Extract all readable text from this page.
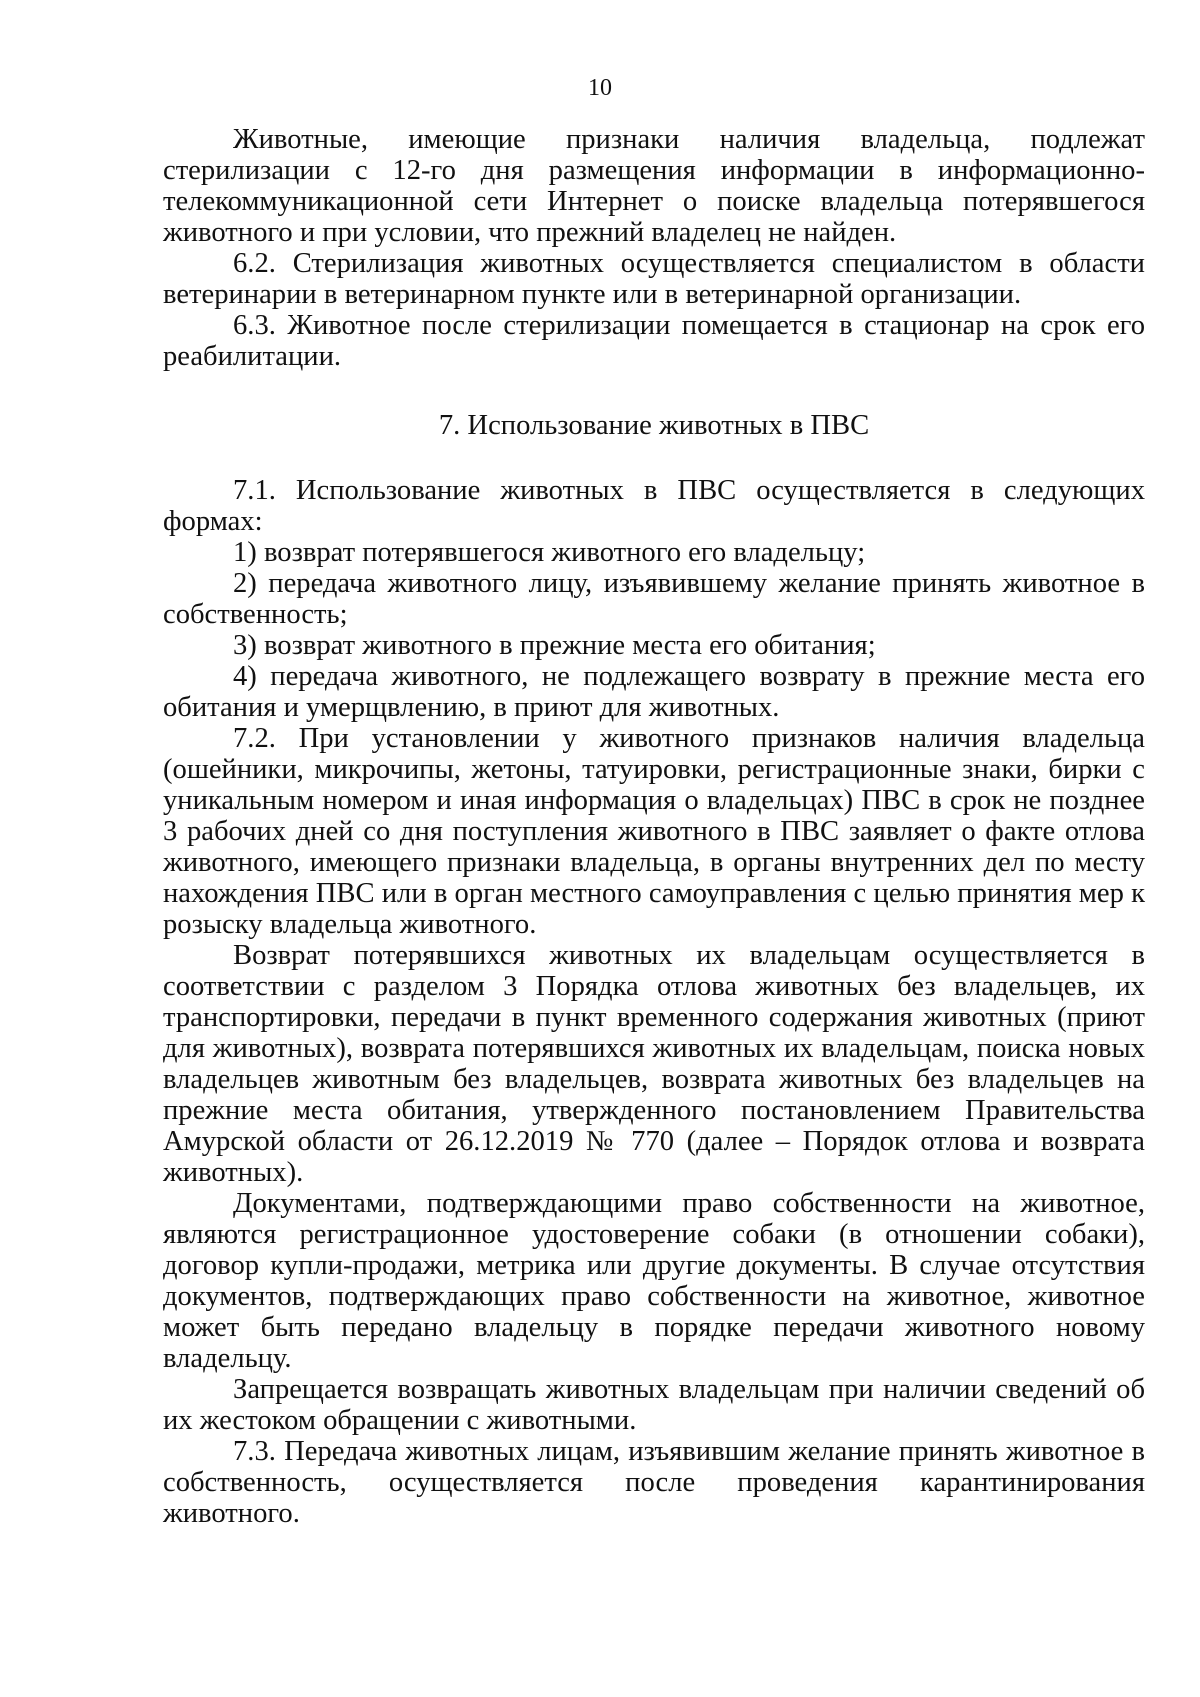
10

Животные, имеющие признаки наличия владельца, подлежат стерилизации с 12-го дня размещения информации в информационно-телекоммуникационной сети Интернет о поиске владельца потерявшегося животного и при условии, что прежний владелец не найден.

6.2. Стерилизация животных осуществляется специалистом в области ветеринарии в ветеринарном пункте или в ветеринарной организации.

6.3. Животное после стерилизации помещается в стационар на срок его реабилитации.

7. Использование животных в ПВС

7.1. Использование животных в ПВС осуществляется в следующих формах:

1) возврат потерявшегося животного его владельцу;

2) передача животного лицу, изъявившему желание принять животное в собственность;

3) возврат животного в прежние места его обитания;

4) передача животного, не подлежащего возврату в прежние места его обитания и умерщвлению, в приют для животных.

7.2. При установлении у животного признаков наличия владельца (ошейники, микрочипы, жетоны, татуировки, регистрационные знаки, бирки с уникальным номером и иная информация о владельцах) ПВС в срок не позднее 3 рабочих дней со дня поступления животного в ПВС заявляет о факте отлова животного, имеющего признаки владельца, в органы внутренних дел по месту нахождения ПВС или в орган местного самоуправления с целью принятия мер к розыску владельца животного.

Возврат потерявшихся животных их владельцам осуществляется в соответствии с разделом 3 Порядка отлова животных без владельцев, их транспортировки, передачи в пункт временного содержания животных (приют для животных), возврата потерявшихся животных их владельцам, поиска новых владельцев животным без владельцев, возврата животных без владельцев на прежние места обитания, утвержденного постановлением Правительства Амурской области от 26.12.2019 № 770 (далее – Порядок отлова и возврата животных).

Документами, подтверждающими право собственности на животное, являются регистрационное удостоверение собаки (в отношении собаки), договор купли-продажи, метрика или другие документы. В случае отсутствия документов, подтверждающих право собственности на животное, животное может быть передано владельцу в порядке передачи животного новому владельцу.

Запрещается возвращать животных владельцам при наличии сведений об их жестоком обращении с животными.

7.3. Передача животных лицам, изъявившим желание принять животное в собственность, осуществляется после проведения карантинирования животного.
